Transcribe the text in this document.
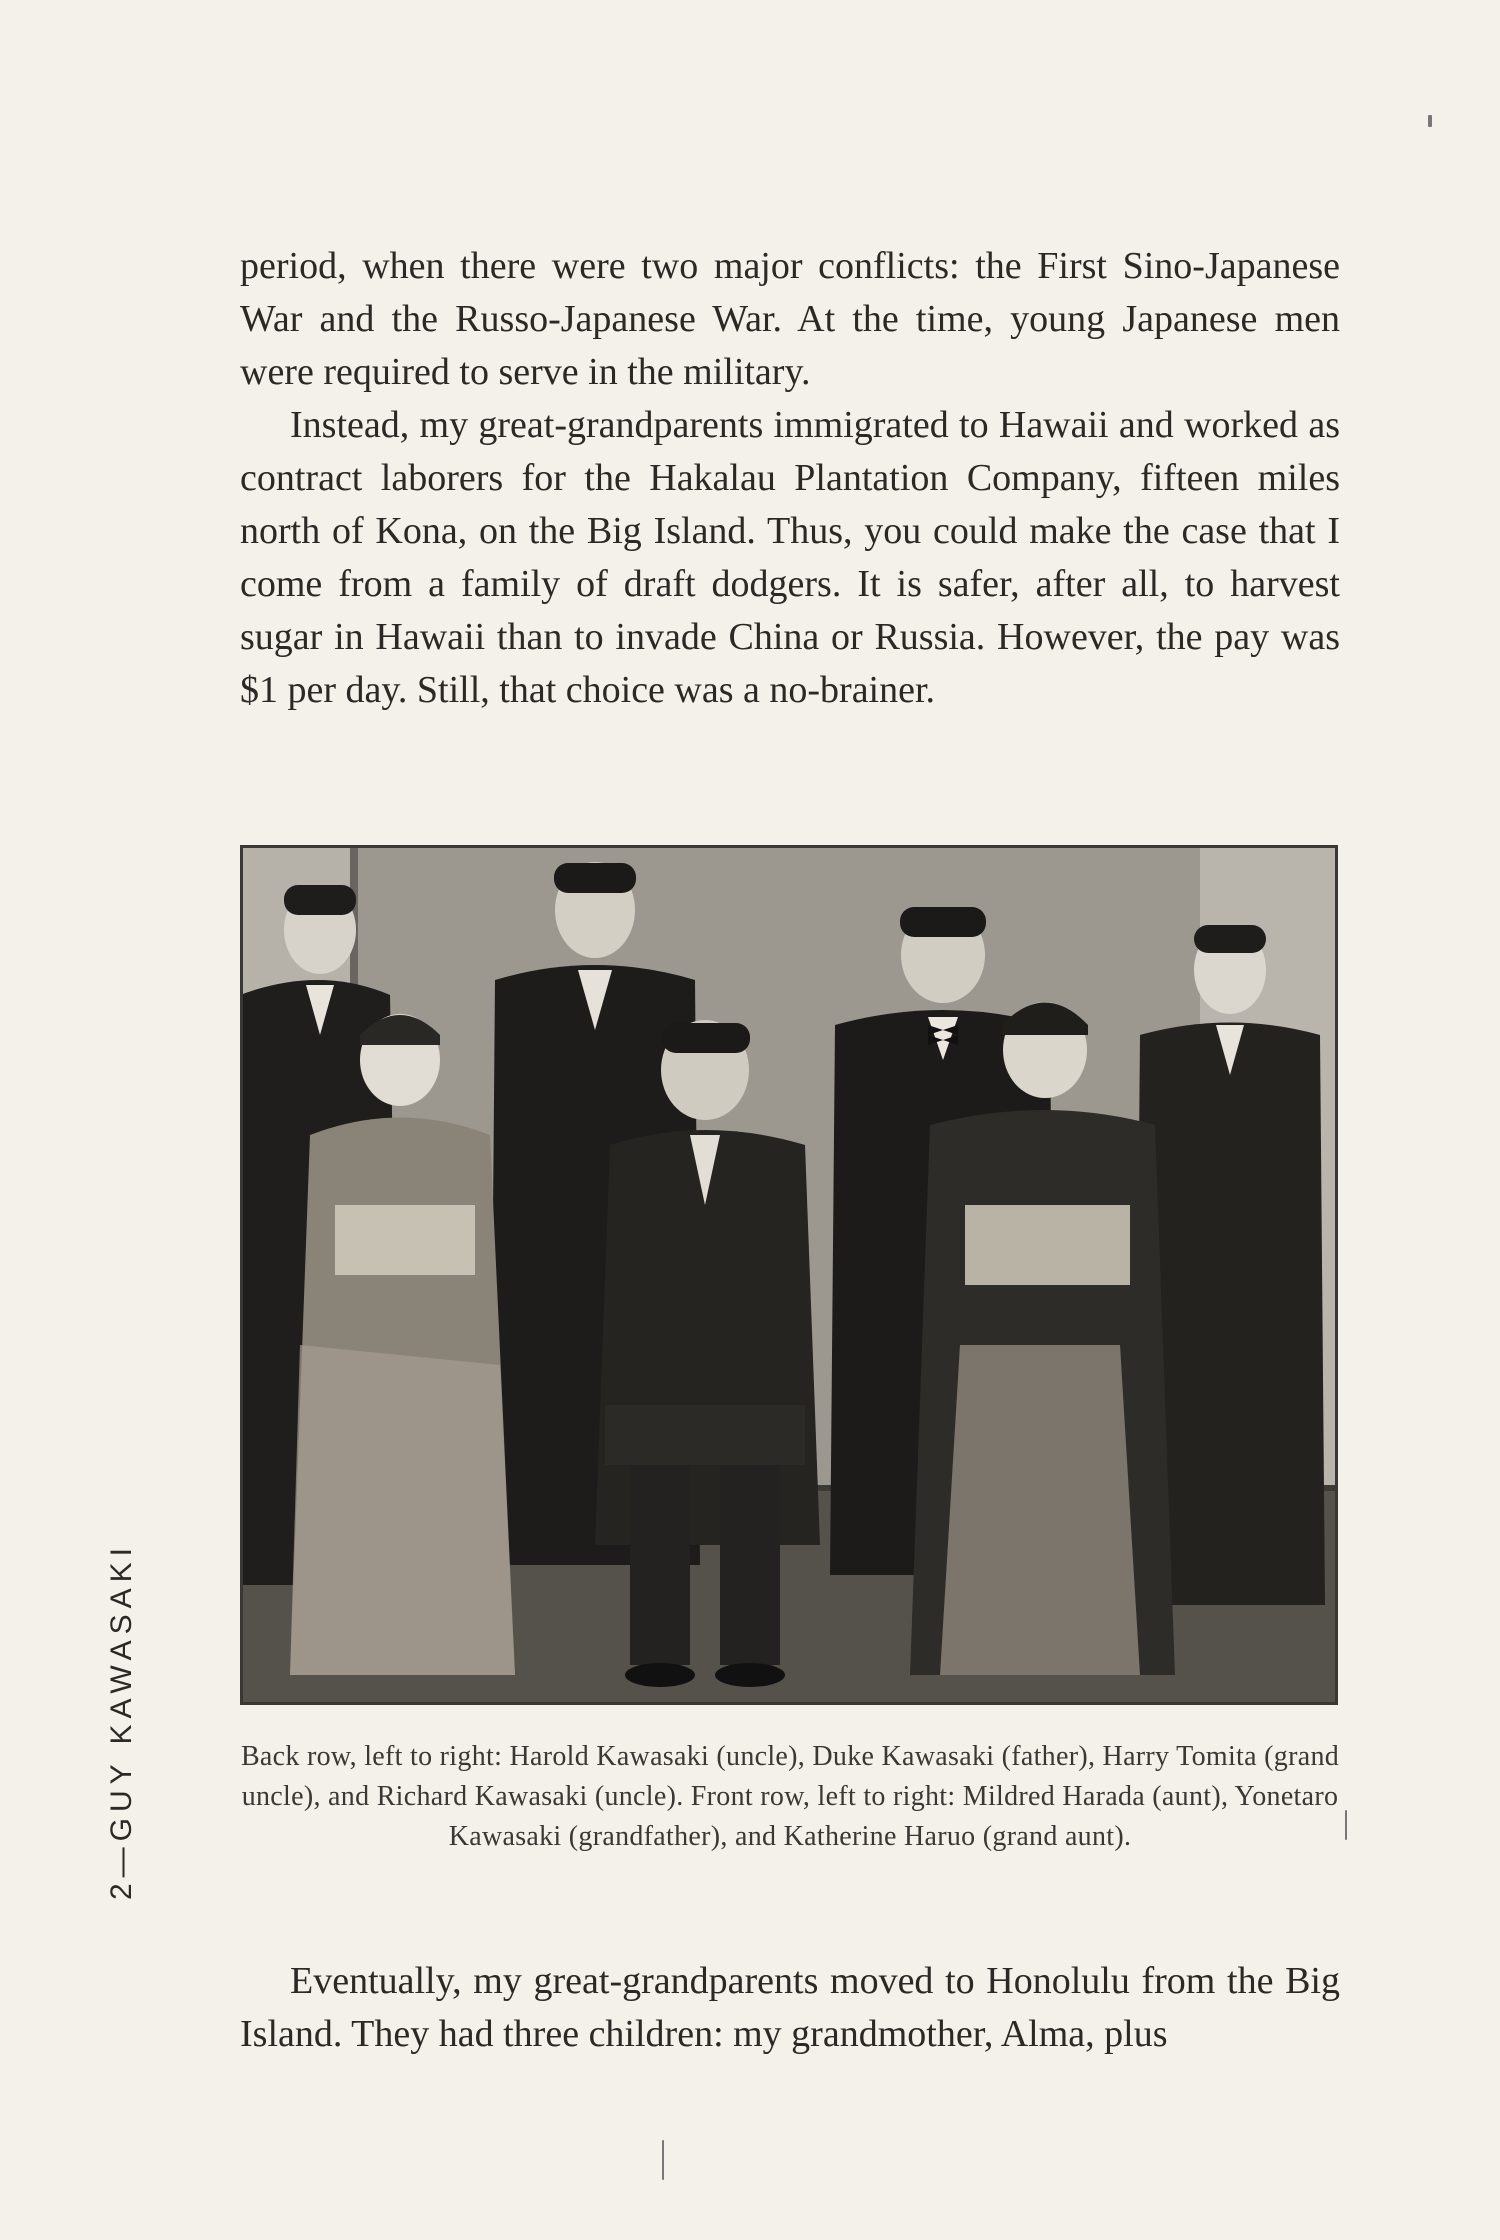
period, when there were two major conflicts: the First Sino-Japanese War and the Russo-Japanese War. At the time, young Japanese men were required to serve in the military.

Instead, my great-grandparents immigrated to Hawaii and worked as contract laborers for the Hakalau Plantation Company, fifteen miles north of Kona, on the Big Island. Thus, you could make the case that I come from a family of draft dodgers. It is safer, after all, to harvest sugar in Hawaii than to invade China or Russia. However, the pay was $1 per day. Still, that choice was a no-brainer.

Back row, left to right: Harold Kawasaki (uncle), Duke Kawasaki (father), Harry Tomita (grand uncle), and Richard Kawasaki (uncle). Front row, left to right: Mildred Harada (aunt), Yonetaro Kawasaki (grandfather), and Katherine Haruo (grand aunt).

Eventually, my great-grandparents moved to Honolulu from the Big Island. They had three children: my grandmother, Alma, plus

2—GUY KAWASAKI
